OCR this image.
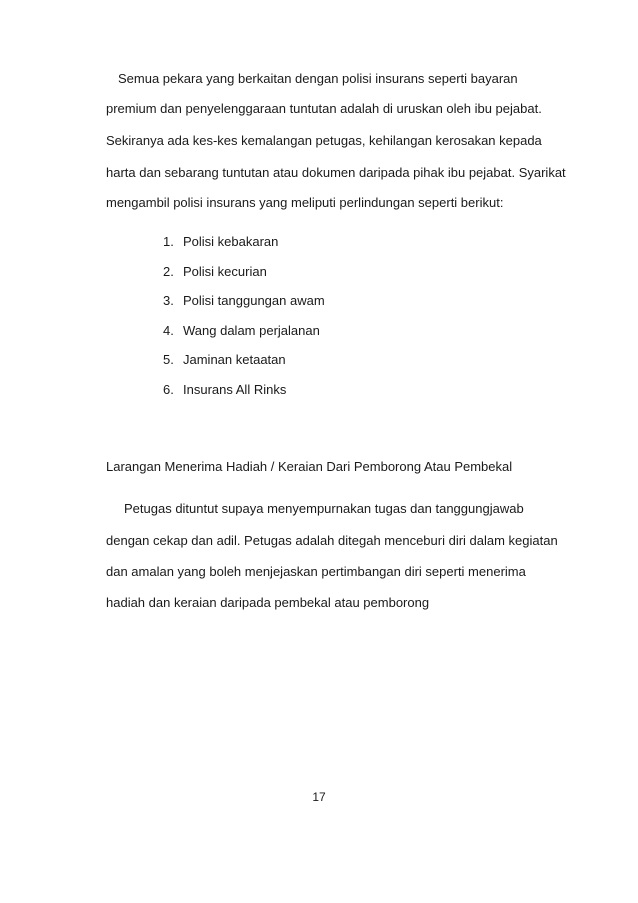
Semua pekara yang berkaitan dengan polisi insurans seperti bayaran
premium dan penyelenggaraan tuntutan adalah di uruskan oleh ibu pejabat.
Sekiranya ada kes-kes kemalangan petugas, kehilangan kerosakan kepada
harta dan sebarang tuntutan atau dokumen daripada pihak ibu pejabat. Syarikat
mengambil polisi insurans yang meliputi perlindungan seperti berikut:
1. Polisi kebakaran
2. Polisi kecurian
3. Polisi tanggungan awam
4. Wang dalam perjalanan
5. Jaminan ketaatan
6. Insurans All Rinks
Larangan Menerima Hadiah / Keraian Dari Pemborong Atau Pembekal
Petugas dituntut supaya menyempurnakan tugas dan tanggungjawab
dengan cekap dan adil. Petugas adalah ditegah menceburi diri dalam kegiatan
dan amalan yang boleh menjejaskan pertimbangan diri seperti menerima
hadiah dan keraian daripada pembekal atau pemborong
17
